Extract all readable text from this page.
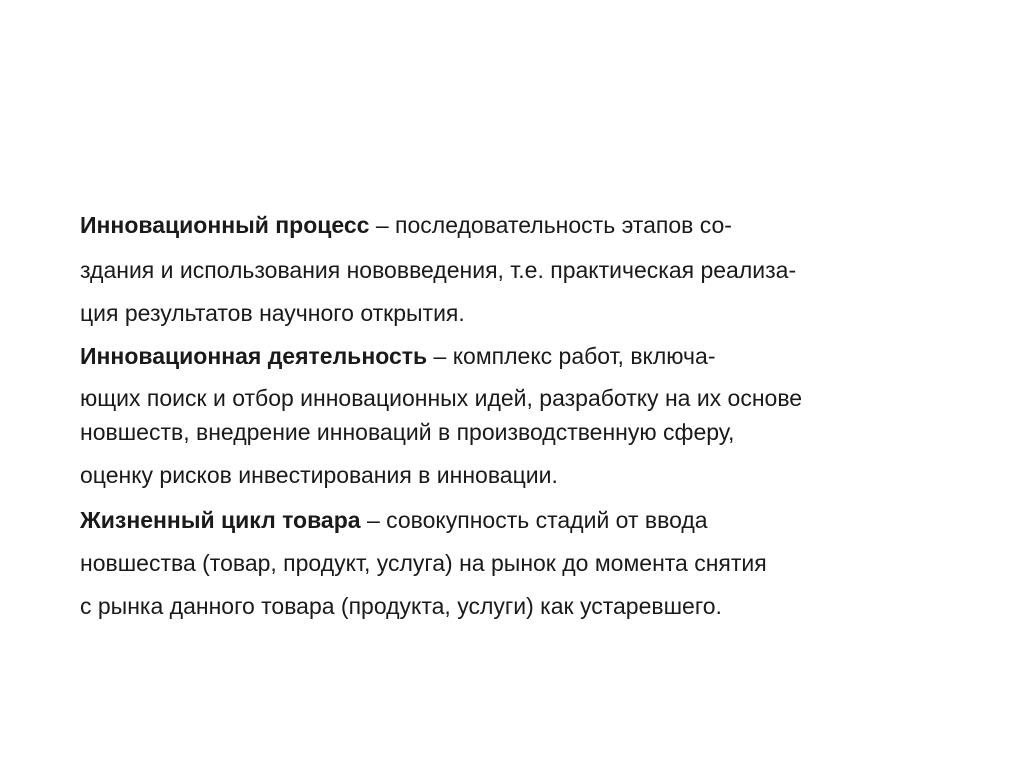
Инновационный процесс – последовательность этапов со-
здания и использования нововведения, т.е. практическая реализа-
ция результатов научного открытия.
Инновационная деятельность – комплекс работ, включа-
ющих поиск и отбор инновационных идей, разработку на их основе
новшеств, внедрение инноваций в производственную сферу,
оценку рисков инвестирования в инновации.
Жизненный цикл товара – совокупность стадий от ввода
новшества (товар, продукт, услуга) на рынок до момента снятия
с рынка данного товара (продукта, услуги) как устаревшего.
